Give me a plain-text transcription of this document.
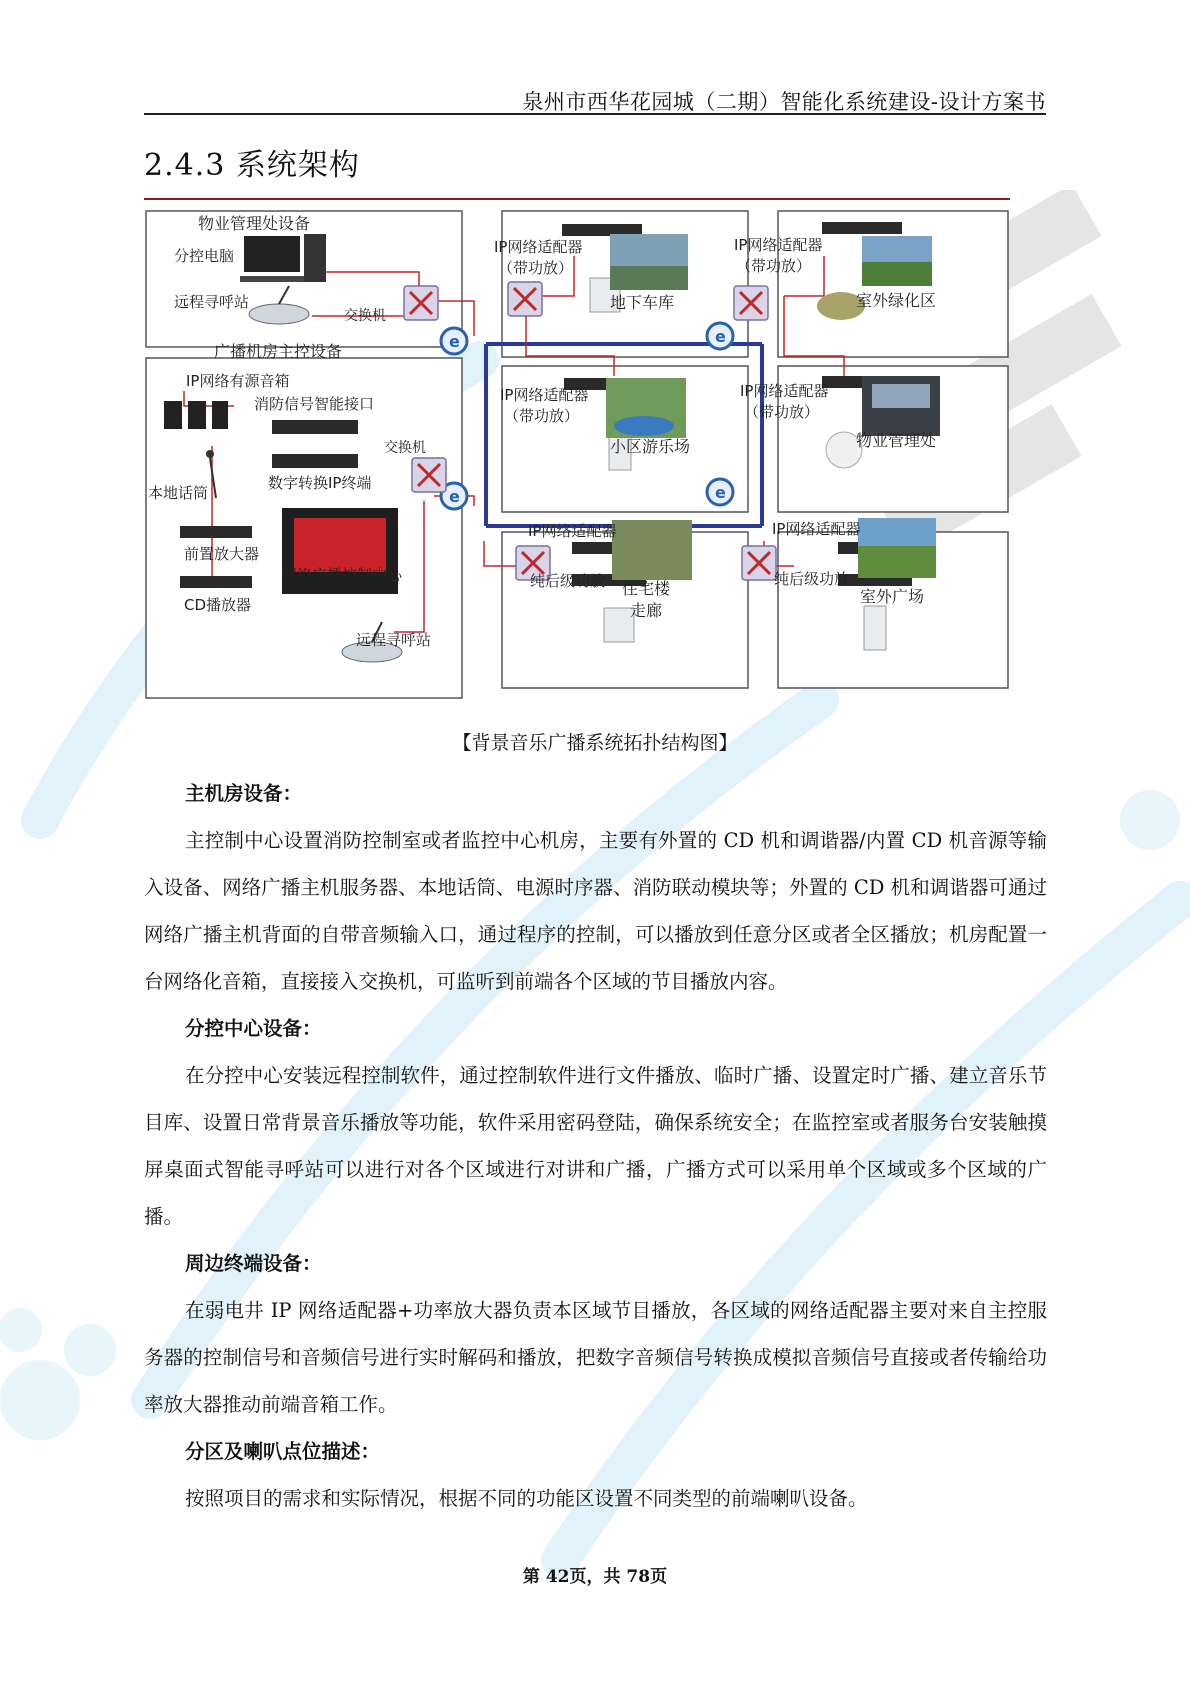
泉州市西华花园城（二期）智能化系统建设-设计方案书
2.4.3 系统架构
e
e
e
e
物业管理处设备
分控电脑
远程寻呼站
交换机
广播机房主控设备
IP网络有源音箱
消防信号智能接口
交换机
本地话筒
数字转换IP终端
前置放大器
网络广播控制中心
CD播放器
远程寻呼站
IP网络适配器
（带功放）
地下车库
IP网络适配器
（带功放）
室外绿化区
IP网络适配器
（带功放）
小区游乐场
IP网络适配器
（带功放）
物业管理处
IP网络适配器
纯后级功放 住宅楼
走廊
IP网络适配器
纯后级功放
室外广场
【背景音乐广播系统拓扑结构图】
主机房设备：

主控制中心设置消防控制室或者监控中心机房，主要有外置的 CD 机和调谐器/内置 CD 机音源等输入设备、网络广播主机服务器、本地话筒、电源时序器、消防联动模块等；外置的 CD 机和调谐器可通过网络广播主机背面的自带音频输入口，通过程序的控制，可以播放到任意分区或者全区播放；机房配置一台网络化音箱，直接接入交换机，可监听到前端各个区域的节目播放内容。

分控中心设备：

在分控中心安装远程控制软件，通过控制软件进行文件播放、临时广播、设置定时广播、建立音乐节目库、设置日常背景音乐播放等功能，软件采用密码登陆，确保系统安全；在监控室或者服务台安装触摸屏桌面式智能寻呼站可以进行对各个区域进行对讲和广播，广播方式可以采用单个区域或多个区域的广播。

周边终端设备：

在弱电井 IP 网络适配器+功率放大器负责本区域节目播放，各区域的网络适配器主要对来自主控服务器的控制信号和音频信号进行实时解码和播放，把数字音频信号转换成模拟音频信号直接或者传输给功率放大器推动前端音箱工作。

分区及喇叭点位描述：

按照项目的需求和实际情况，根据不同的功能区设置不同类型的前端喇叭设备。

第 42页，共 78页
